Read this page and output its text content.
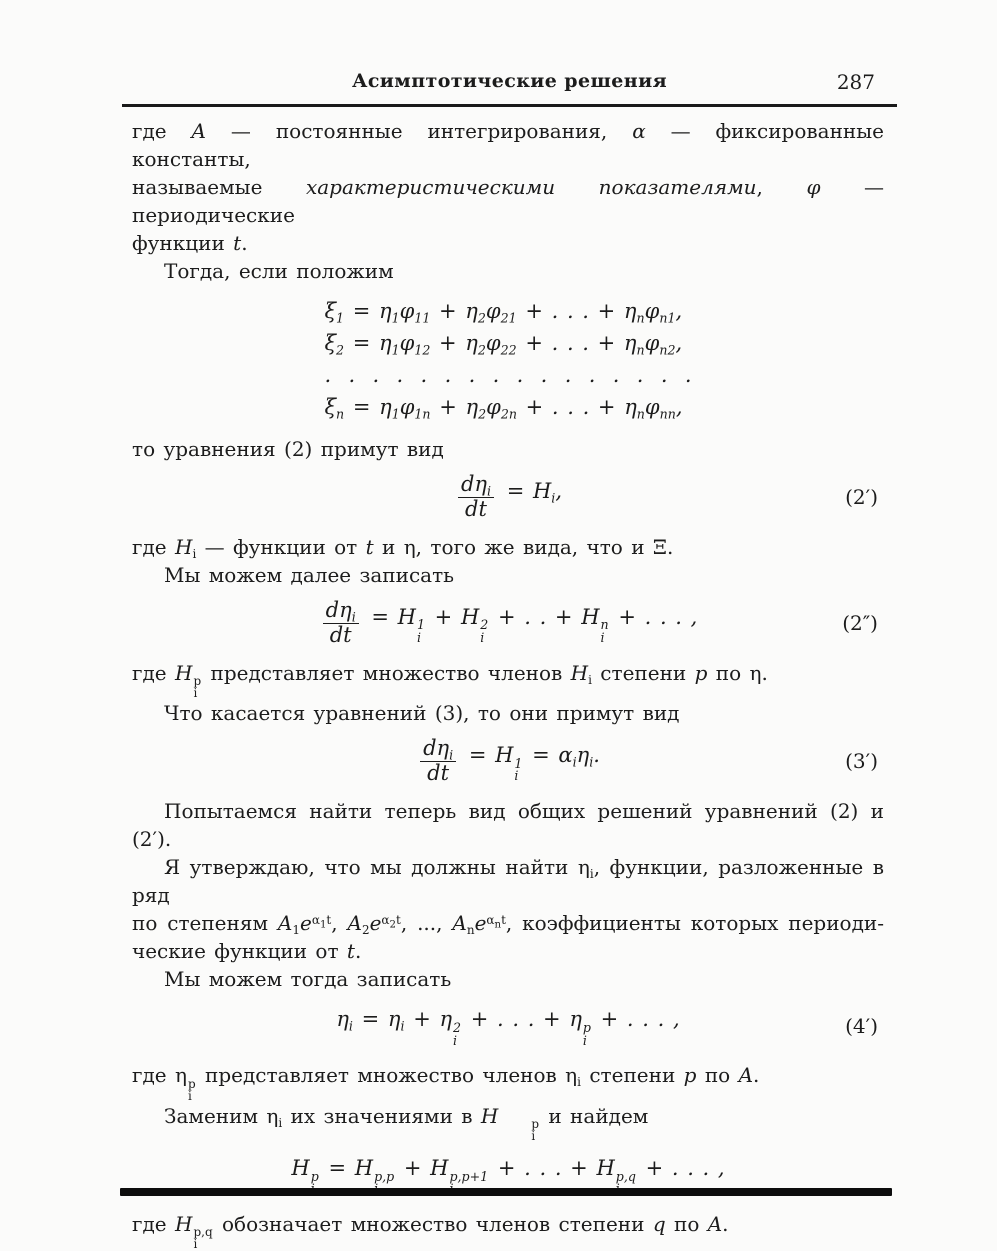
Асимптотические решения	287
где A — постоянные интегрирования, α — фиксированные константы,
называемые характеристическими показателями, φ — периодические
функции t.
Тогда, если положим
$\xi_1 = \eta_1\varphi_{11} + \eta_2\varphi_{21}$ + . . . + $\eta_n\varphi_{n1}$,
$\xi_2 = \eta_1\varphi_{12} + \eta_2\varphi_{22}$ + . . . + $\eta_n\varphi_{n2}$,
.  .  .  .  .  .  .  .  .  .  .  .  .  .  .  .
$\xi_n = \eta_1\varphi_{1n} + \eta_2\varphi_{2n}$ + . . . + $\eta_n\varphi_{nn}$,
то уравнения (2) примут вид
$\frac{d\eta_i}{dt} = H_i$,	(2′)
где $H_i$ — функции от t и η, того же вида, что и Ξ.
Мы можем далее записать
$\frac{d\eta_i}{dt} = H$ 1
i
+ H 2
i
+ . . + H n
i
+ . . . ,	(2″)
где H p
i
представляет множество членов $H_i$ степени p по η.
Что касается уравнений (3), то они примут вид
$\frac{d\eta_i}{dt} = H$ 1
i
= $\alpha_i\eta_i$.	(3′)
Попытаемся найти теперь вид общих решений уравнений (2) и (2′).
Я утверждаю, что мы должны найти $\eta_i$, функции, разложенные в ряд
по степеням $A_1e^{\alpha_1t}$, $A_2e^{\alpha_2t}$, ..., $A_ne^{\alpha_nt}$, коэффициенты которых периоди-
ческие функции от t.
Мы можем тогда записать
$\eta_i = \eta_i + \eta$ 2
i
+ . . . + η p
i
+ . . . ,	(4′)
где η p
i
представляет множество членов $\eta_i$ степени p по A.
Заменим $\eta_i$ их значениями в H	p
i
и найдем
H p = H p,p + H p,p+1 + . . . + H p,q + . . . ,
где H p,q
i
обозначает множество членов степени q по A.
